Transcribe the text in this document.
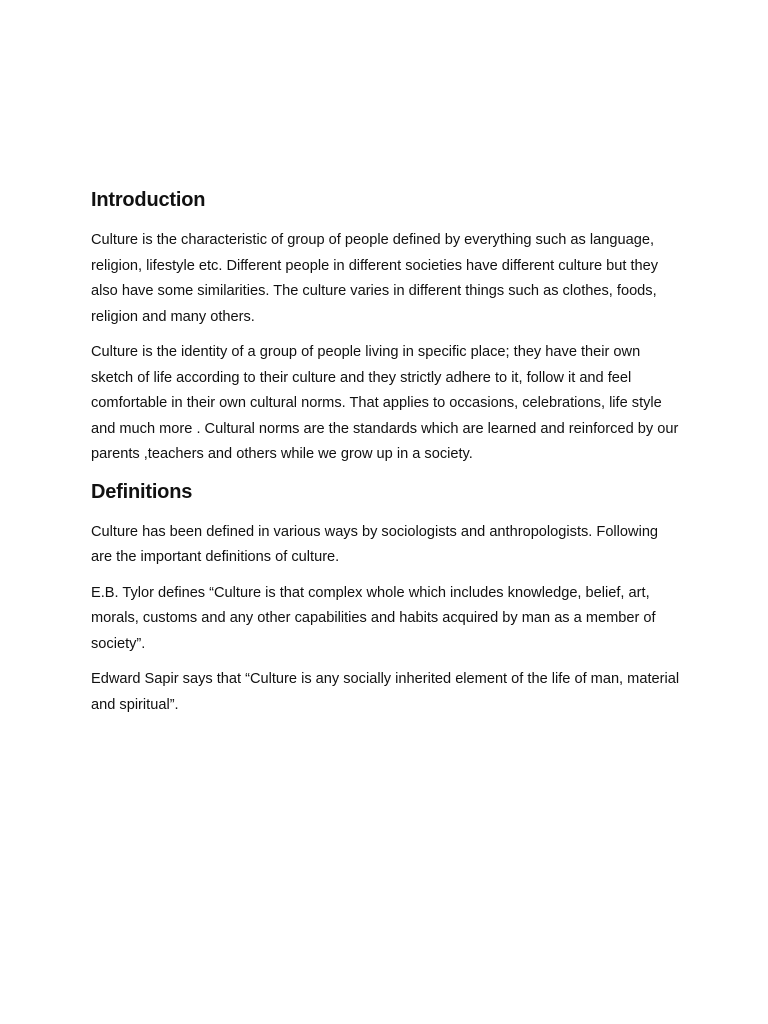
Introduction

Culture is the characteristic of group of people defined by everything such as language, religion, lifestyle etc. Different people in different societies have different culture but they also have some similarities. The culture varies in different things such as clothes, foods, religion and many others.

Culture is the identity of a group of people living in specific place; they have their own sketch of life according to their culture and they strictly adhere to it, follow it and feel comfortable in their own cultural norms. That applies to occasions, celebrations, life style and much more . Cultural norms are the standards which are learned and reinforced by our parents ,teachers and others while we grow up in a society.

Definitions

Culture has been defined in various ways by sociologists and anthropologists. Following are the important definitions of culture.

E.B. Tylor defines “Culture is that complex whole which includes knowledge, belief, art, morals, customs and any other capabilities and habits acquired by man as a member of society”.

Edward Sapir says that “Culture is any socially inherited element of the life of man, material and spiritual”.
